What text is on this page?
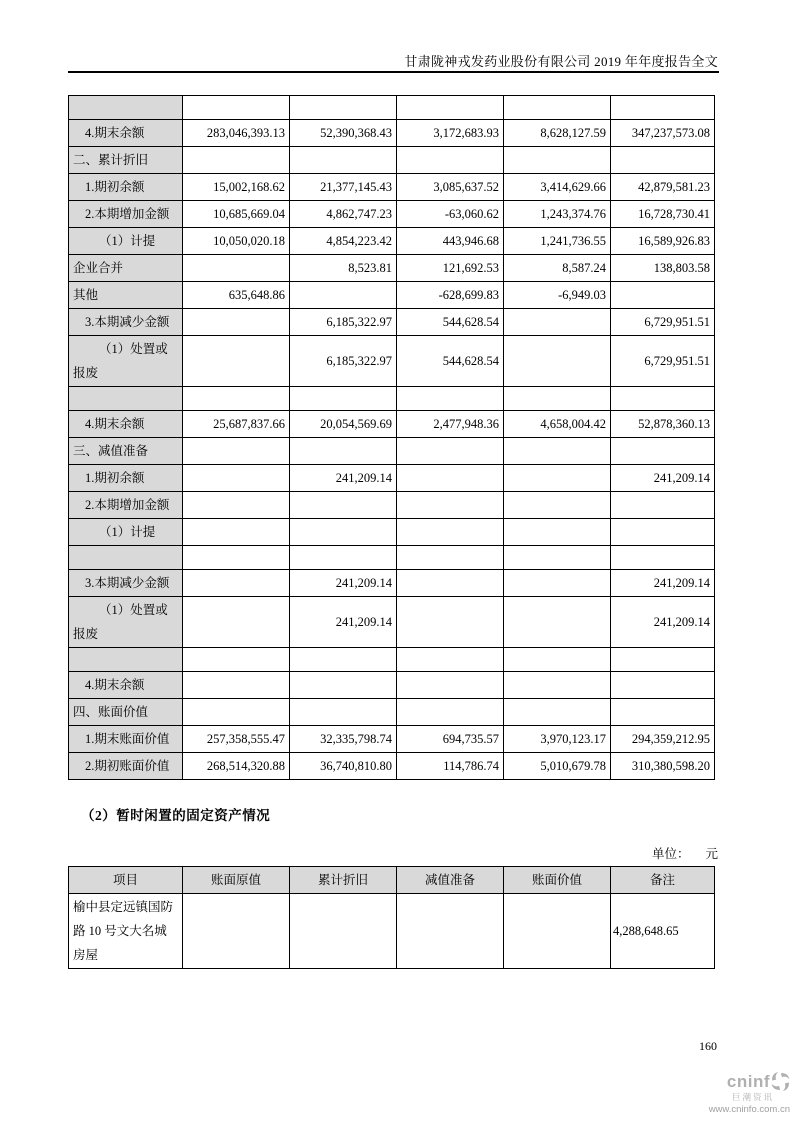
甘肃陇神戎发药业股份有限公司 2019 年年度报告全文

4.期末余额	283,046,393.13	52,390,368.43	3,172,683.93	8,628,127.59	347,237,573.08
二、累计折旧					
1.期初余额	15,002,168.62	21,377,145.43	3,085,637.52	3,414,629.66	42,879,581.23
2.本期增加金额	10,685,669.04	4,862,747.23	-63,060.62	1,243,374.76	16,728,730.41
（1）计提	10,050,020.18	4,854,223.42	443,946.68	1,241,736.55	16,589,926.83
企业合并		8,523.81	121,692.53	8,587.24	138,803.58
其他	635,648.86		-628,699.83	-6,949.03	
3.本期减少金额		6,185,322.97	544,628.54		6,729,951.51
（1）处置或报废		6,185,322.97	544,628.54		6,729,951.51

4.期末余额	25,687,837.66	20,054,569.69	2,477,948.36	4,658,004.42	52,878,360.13
三、减值准备					
1.期初余额		241,209.14			241,209.14
2.本期增加金额					
（1）计提					

3.本期减少金额		241,209.14			241,209.14
（1）处置或报废		241,209.14			241,209.14

4.期末余额					
四、账面价值					
1.期末账面价值	257,358,555.47	32,335,798.74	694,735.57	3,970,123.17	294,359,212.95
2.期初账面价值	268,514,320.88	36,740,810.80	114,786.74	5,010,679.78	310,380,598.20
（2）暂时闲置的固定资产情况
单位： 元
项目	账面原值	累计折旧	减值准备	账面价值	备注
榆中县定远镇国防路 10 号文大名城房屋					4,288,648.65
160
cninf
巨潮资讯
www.cninfo.com.cn
